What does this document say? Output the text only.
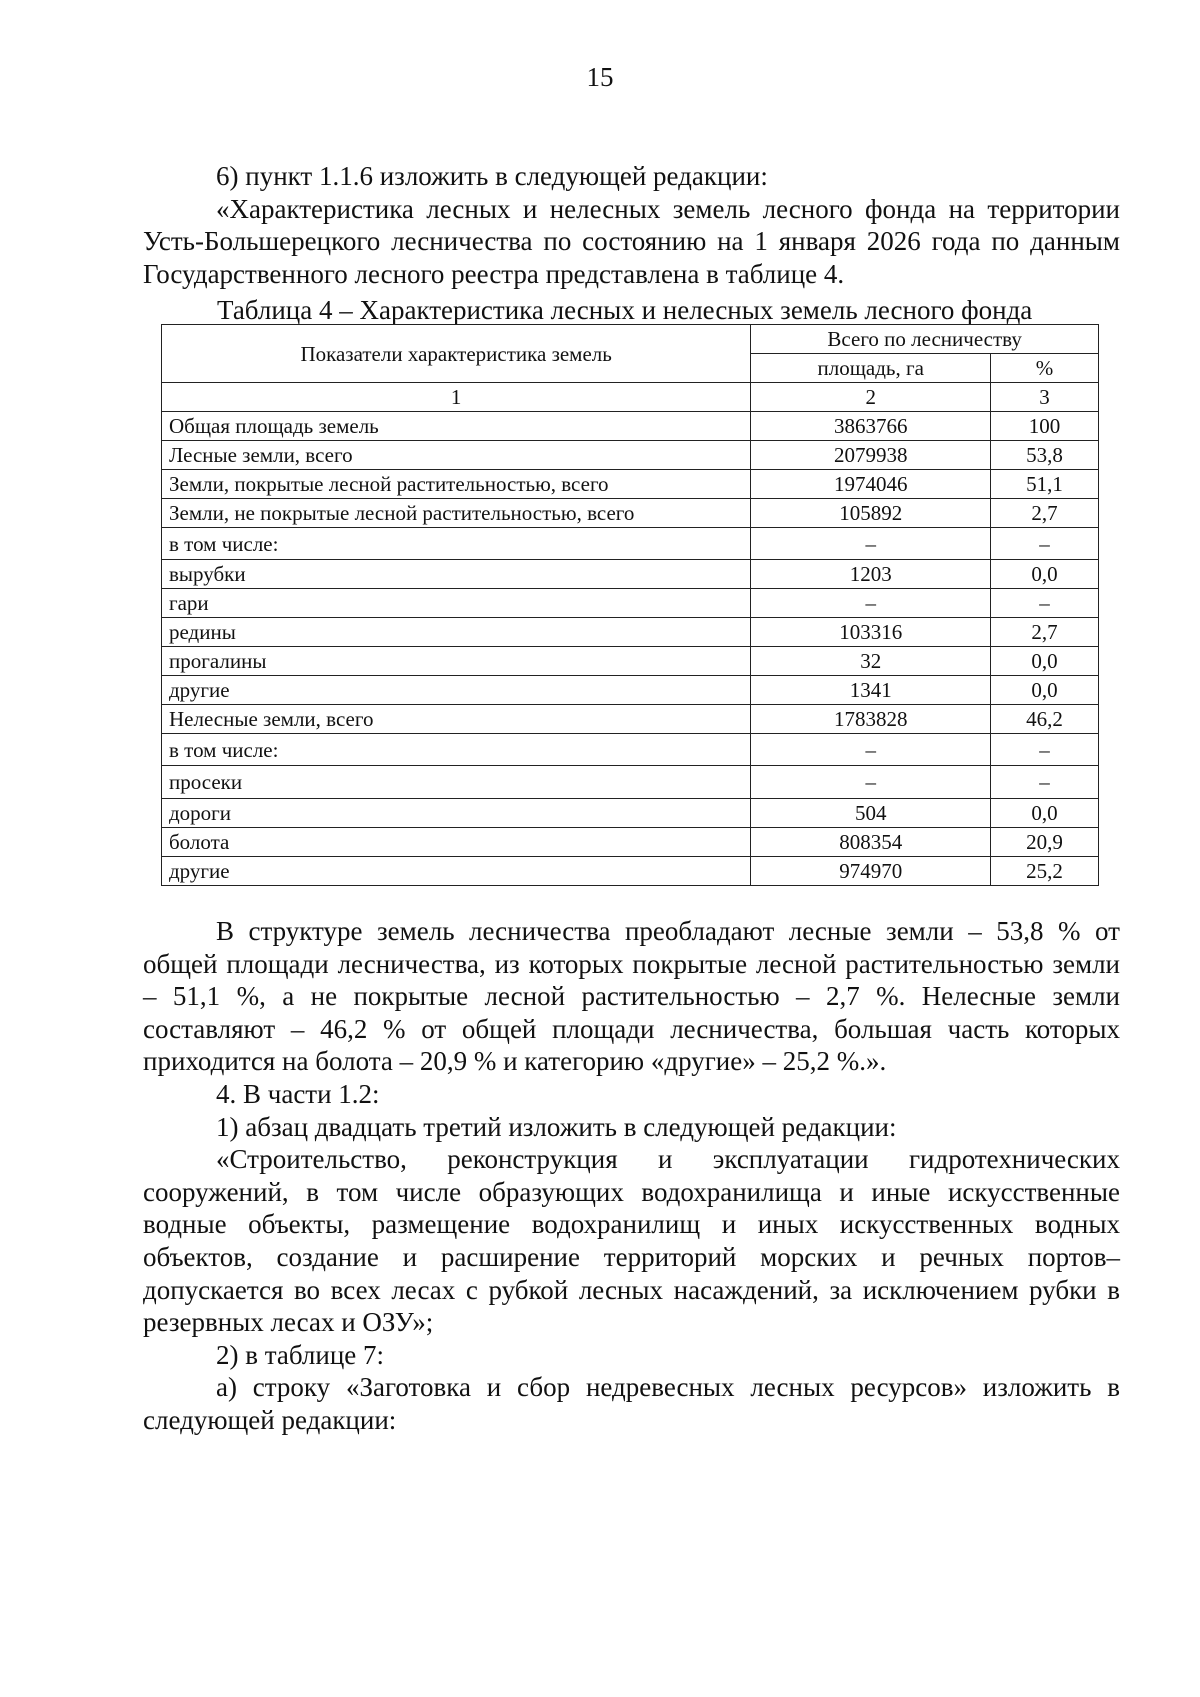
15

6) пункт 1.1.6 изложить в следующей редакции:

«Характеристика лесных и нелесных земель лесного фонда на территории Усть-Большерецкого лесничества по состоянию на 1 января 2026 года по данным Государственного лесного реестра представлена в таблице 4.

Таблица 4 – Характеристика лесных и нелесных земель лесного фонда
Показатели характеристика земель	Всего по лесничеству	
	площадь, га	%
1	2	3
Общая площадь земель	3863766	100
Лесные земли, всего	2079938	53,8
Земли, покрытые лесной растительностью, всего	1974046	51,1
Земли, не покрытые лесной растительностью, всего	105892	2,7
в том числе:	–	–
вырубки	1203	0,0
гари	–	–
редины	103316	2,7
прогалины	32	0,0
другие	1341	0,0
Нелесные земли, всего	1783828	46,2
в том числе:	–	–
просеки	–	–
дороги	504	0,0
болота	808354	20,9
другие	974970	25,2

В структуре земель лесничества преобладают лесные земли – 53,8 % от общей площади лесничества, из которых покрытые лесной растительностью земли – 51,1 %, а не покрытые лесной растительностью – 2,7 %. Нелесные земли составляют – 46,2 % от общей площади лесничества, большая часть которых приходится на болота – 20,9 % и категорию «другие» – 25,2 %.».

4. В части 1.2:

1) абзац двадцать третий изложить в следующей редакции:

«Строительство, реконструкция и эксплуатации гидротехнических сооружений, в том числе образующих водохранилища и иные искусственные водные объекты, размещение водохранилищ и иных искусственных водных объектов, создание и расширение территорий морских и речных портов– допускается во всех лесах с рубкой лесных насаждений, за исключением рубки в резервных лесах и ОЗУ»;

2) в таблице 7:

а) строку «Заготовка и сбор недревесных лесных ресурсов» изложить в следующей редакции:
